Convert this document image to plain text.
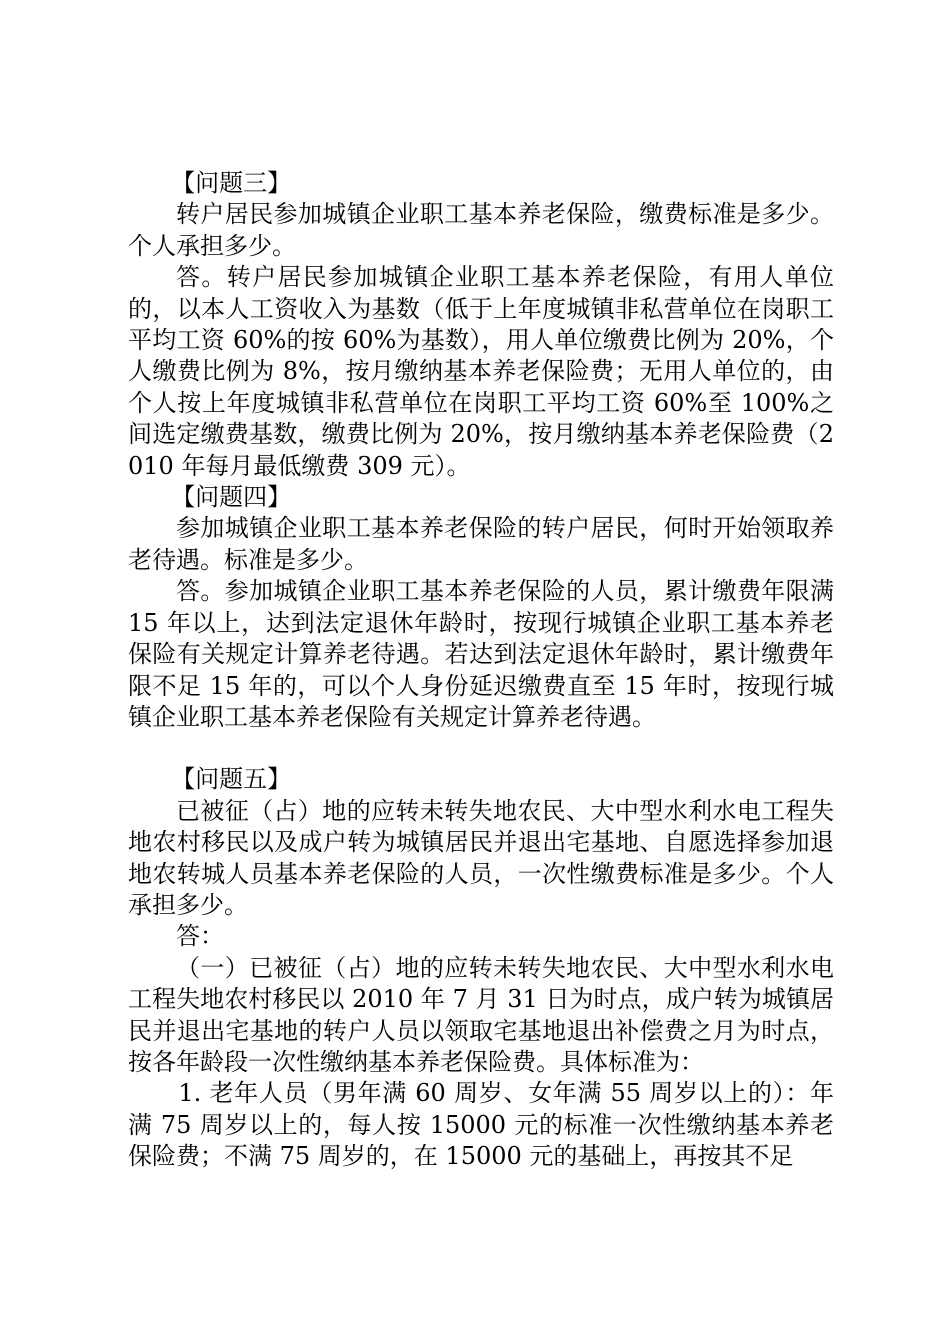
【问题三】

转户居民参加城镇企业职工基本养老保险，缴费标准是多少。个人承担多少。

答。转户居民参加城镇企业职工基本养老保险，有用人单位的，以本人工资收入为基数（低于上年度城镇非私营单位在岗职工平均工资 60%的按 60%为基数），用人单位缴费比例为 20%，个人缴费比例为 8%，按月缴纳基本养老保险费；无用人单位的，由个人按上年度城镇非私营单位在岗职工平均工资 60%至 100%之间选定缴费基数，缴费比例为 20%，按月缴纳基本养老保险费（2010 年每月最低缴费 309 元）。

【问题四】

参加城镇企业职工基本养老保险的转户居民，何时开始领取养老待遇。标准是多少。

答。参加城镇企业职工基本养老保险的人员，累计缴费年限满 15 年以上，达到法定退休年龄时，按现行城镇企业职工基本养老保险有关规定计算养老待遇。若达到法定退休年龄时，累计缴费年限不足 15 年的，可以个人身份延迟缴费直至 15 年时，按现行城镇企业职工基本养老保险有关规定计算养老待遇。

【问题五】

已被征（占）地的应转未转失地农民、大中型水利水电工程失地农村移民以及成户转为城镇居民并退出宅基地、自愿选择参加退地农转城人员基本养老保险的人员，一次性缴费标准是多少。个人承担多少。

答：

（一）已被征（占）地的应转未转失地农民、大中型水利水电工程失地农村移民以 2010 年 7 月 31 日为时点，成户转为城镇居民并退出宅基地的转户人员以领取宅基地退出补偿费之月为时点，按各年龄段一次性缴纳基本养老保险费。具体标准为：

1. 老年人员（男年满 60 周岁、女年满 55 周岁以上的）：年满 75 周岁以上的，每人按 15000 元的标准一次性缴纳基本养老保险费；不满 75 周岁的，在 15000 元的基础上，再按其不足
